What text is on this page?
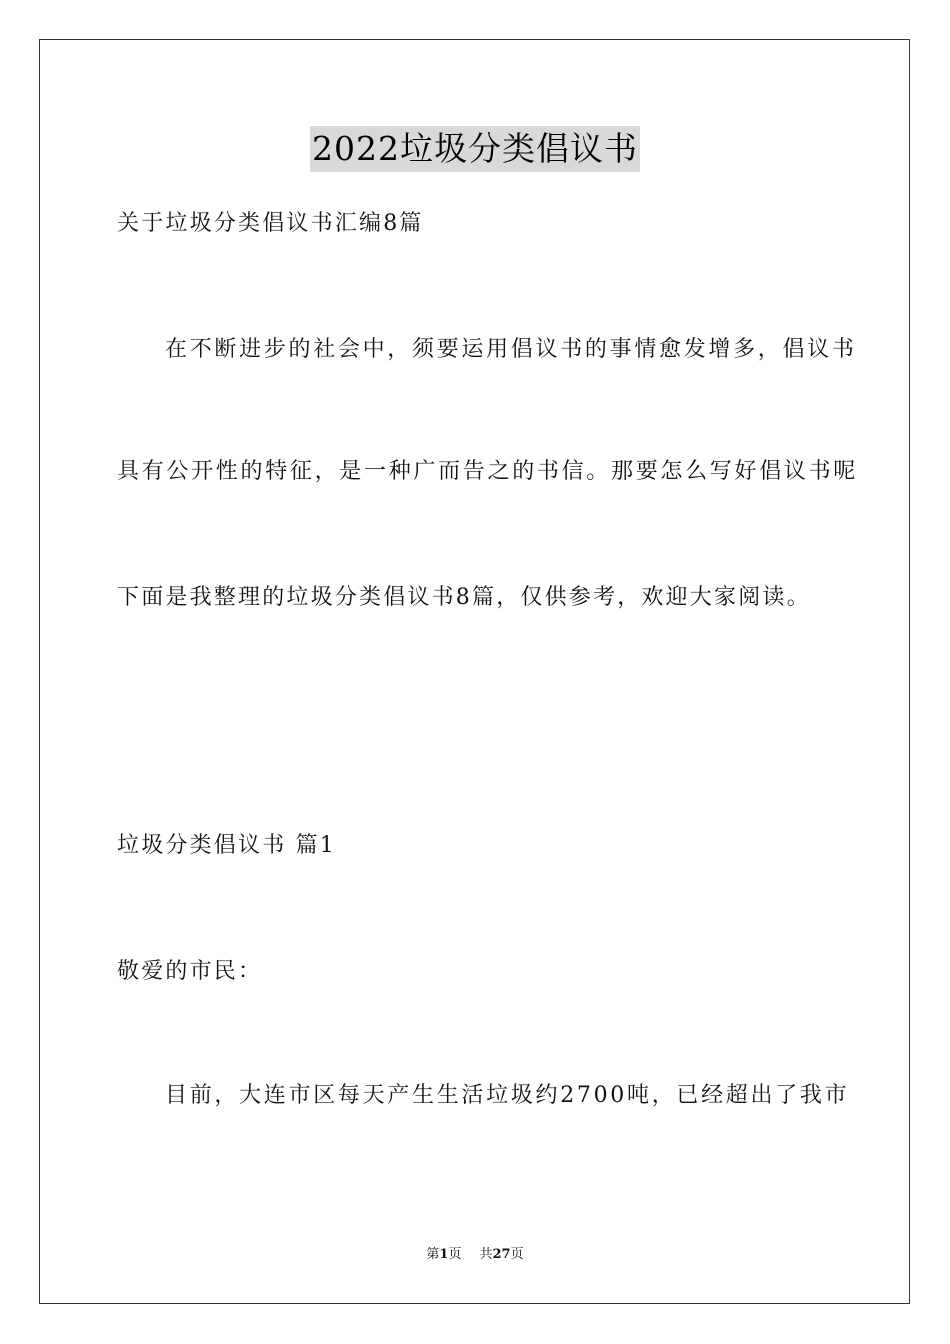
2022垃圾分类倡议书
关于垃圾分类倡议书汇编8篇
在不断进步的社会中，须要运用倡议书的事情愈发增多，倡议书
具有公开性的特征，是一种广而告之的书信。那要怎么写好倡议书呢
下面是我整理的垃圾分类倡议书8篇，仅供参考，欢迎大家阅读。
垃圾分类倡议书 篇1
敬爱的市民：
目前，大连市区每天产生生活垃圾约2700吨，已经超出了我市
第1页 共27页
